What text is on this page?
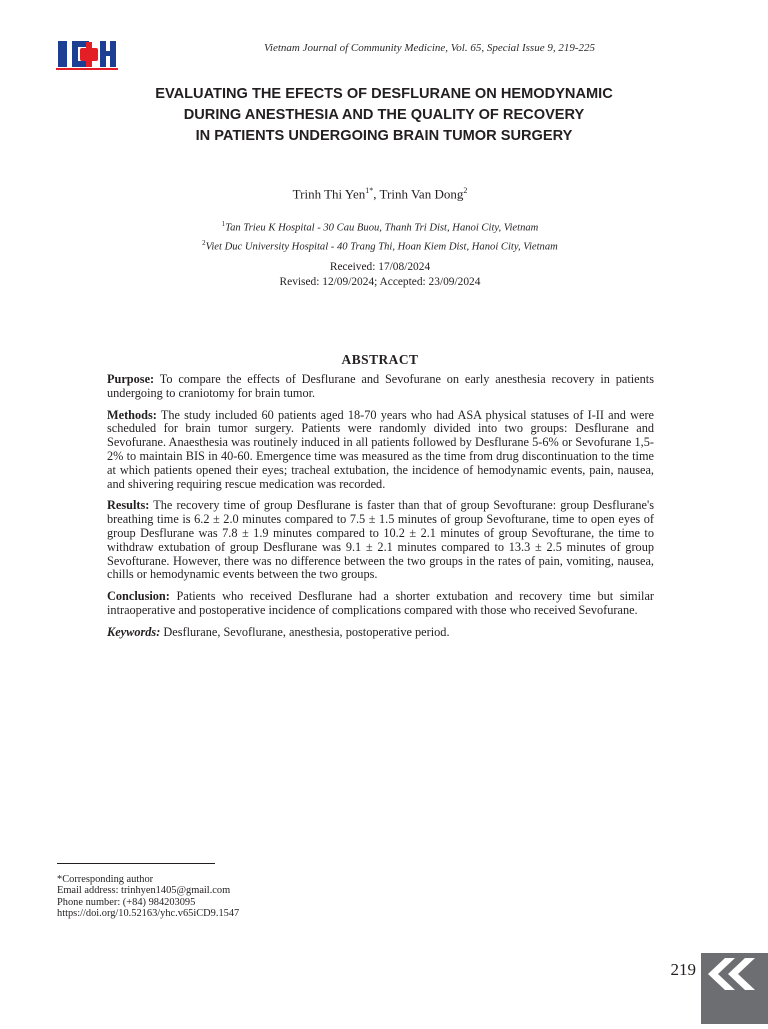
Vietnam Journal of Community Medicine, Vol. 65, Special Issue 9, 219-225
EVALUATING THE EFECTS OF DESFLURANE ON HEMODYNAMIC
DURING ANESTHESIA AND THE QUALITY OF RECOVERY
IN PATIENTS UNDERGOING BRAIN TUMOR SURGERY
Trinh Thi Yen$^{1*}$, Trinh Van Dong$^2$
$^1$Tan Trieu K Hospital - 30 Cau Buou, Thanh Tri Dist, Hanoi City, Vietnam
$^2$Viet Duc University Hospital - 40 Trang Thi, Hoan Kiem Dist, Hanoi City, Vietnam
Received: 17/08/2024
Revised: 12/09/2024; Accepted: 23/09/2024
ABSTRACT

Purpose: To compare the effects of Desflurane and Sevofurane on early anesthesia recovery in patients undergoing to craniotomy for brain tumor.

Methods: The study included 60 patients aged 18-70 years who had ASA physical statuses of I-II and were scheduled for brain tumor surgery. Patients were randomly divided into two groups: Desflurane and Sevofurane. Anaesthesia was routinely induced in all patients followed by Desflurane 5-6% or Sevofurane 1,5-2% to maintain BIS in 40-60. Emergence time was measured as the time from drug discontinuation to the time at which patients opened their eyes; tracheal extubation, the incidence of hemodynamic events, pain, nausea, and shivering requiring rescue medication was recorded.

Results: The recovery time of group Desflurane is faster than that of group Sevofturane: group Desflurane's breathing time is 6.2 ± 2.0 minutes compared to 7.5 ± 1.5 minutes of group Sevofturane, time to open eyes of group Desflurane was 7.8 ± 1.9 minutes compared to 10.2 ± 2.1 minutes of group Sevofturane, the time to withdraw extubation of group Desflurane was 9.1 ± 2.1 minutes compared to 13.3 ± 2.5 minutes of group Sevofturane. However, there was no difference between the two groups in the rates of pain, vomiting, nausea, chills or hemodynamic events between the two groups.

Conclusion: Patients who received Desflurane had a shorter extubation and recovery time but similar intraoperative and postoperative incidence of complications compared with those who received Sevofurane.

Keywords: Desflurane, Sevoflurane, anesthesia, postoperative period.

*Corresponding author
Email address: trinhyen1405@gmail.com
Phone number: (+84) 984203095
https://doi.org/10.52163/yhc.v65iCD9.1547
219
